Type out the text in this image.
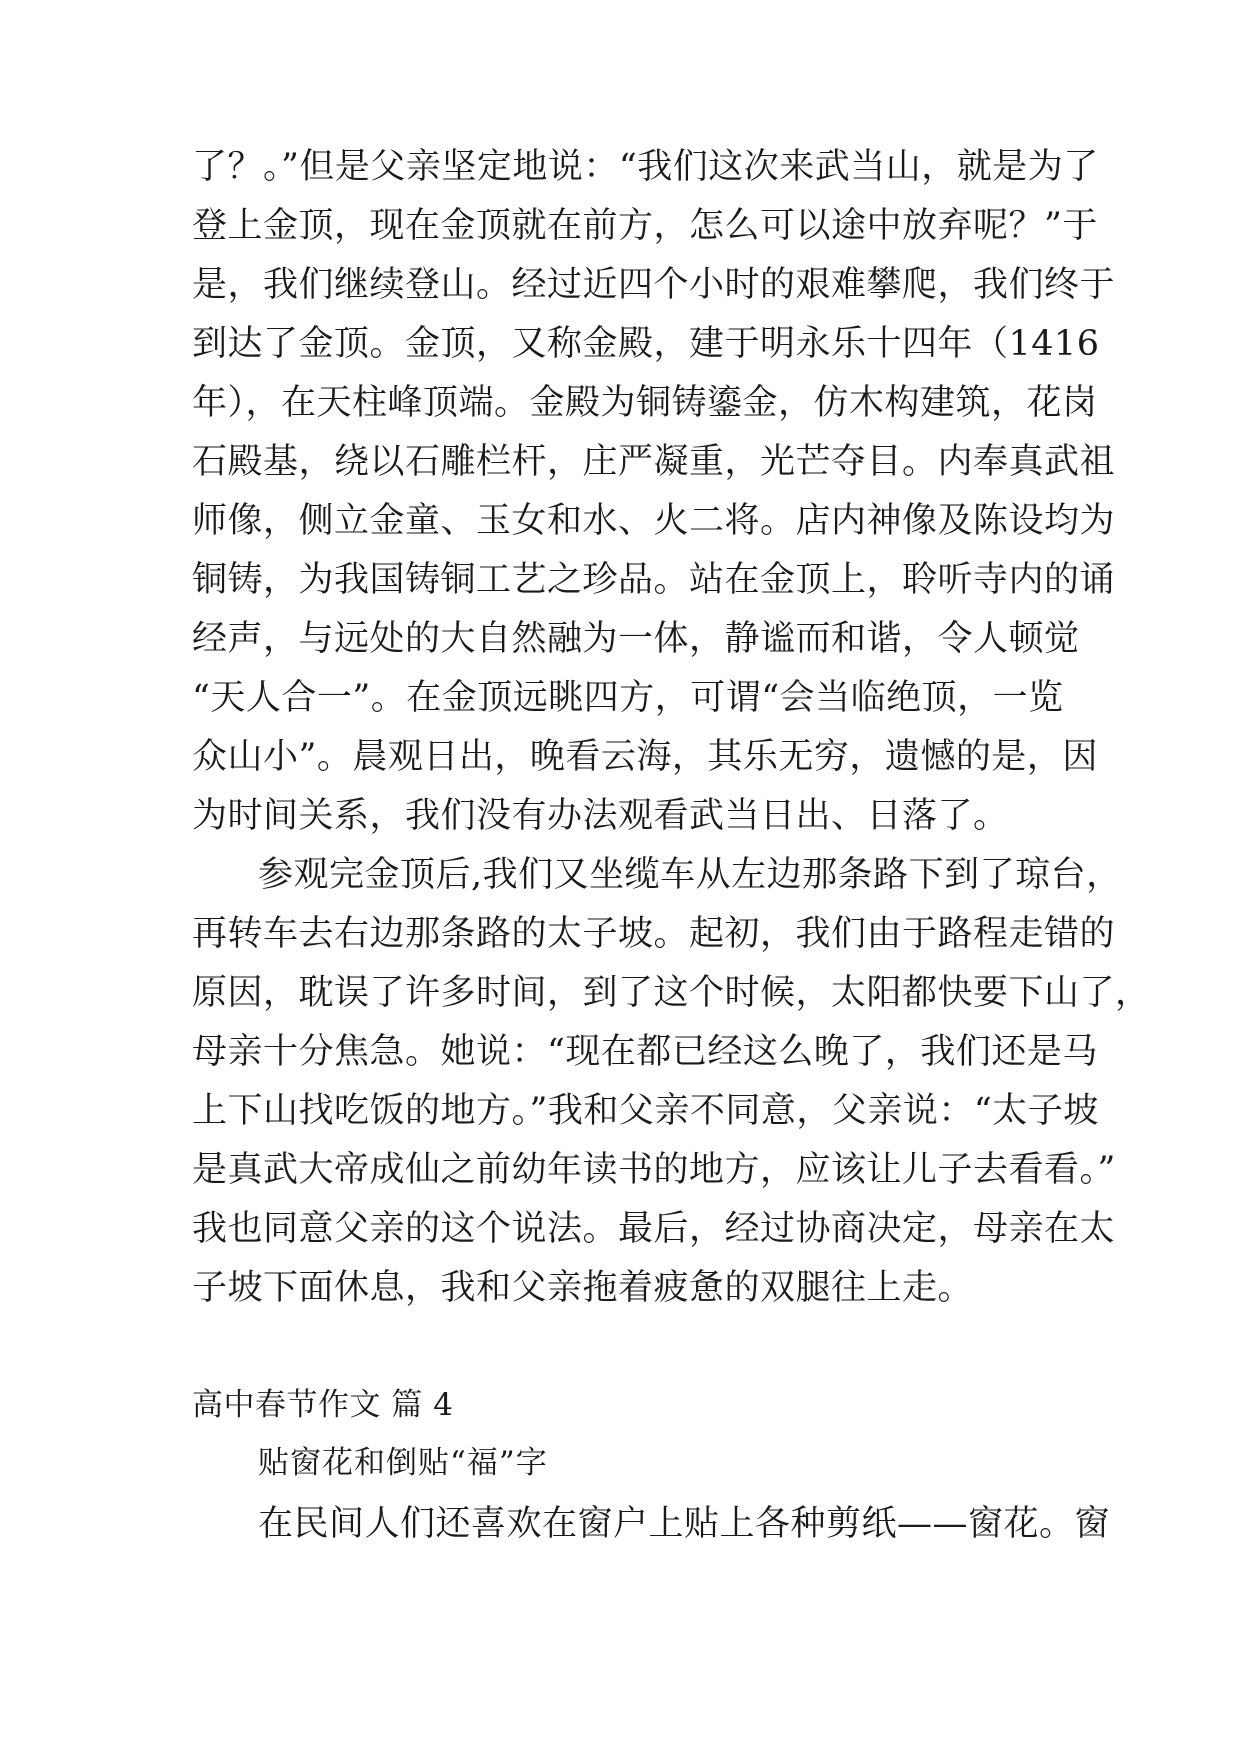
了？。”但是父亲坚定地说：“我们这次来武当山，就是为了
登上金顶，现在金顶就在前方，怎么可以途中放弃呢？”于
是，我们继续登山。经过近四个小时的艰难攀爬，我们终于
到达了金顶。金顶，又称金殿，建于明永乐十四年（1416
年），在天柱峰顶端。金殿为铜铸鎏金，仿木构建筑，花岗
石殿基，绕以石雕栏杆，庄严凝重，光芒夺目。内奉真武祖
师像，侧立金童、玉女和水、火二将。店内神像及陈设均为
铜铸，为我国铸铜工艺之珍品。站在金顶上，聆听寺内的诵
经声，与远处的大自然融为一体，静谧而和谐，令人顿觉
“天人合一”。在金顶远眺四方，可谓“会当临绝顶，一览
众山小”。晨观日出，晚看云海，其乐无穷，遗憾的是，因
为时间关系，我们没有办法观看武当日出、日落了。
参观完金顶后,我们又坐缆车从左边那条路下到了琼台，
再转车去右边那条路的太子坡。起初，我们由于路程走错的
原因，耽误了许多时间，到了这个时候，太阳都快要下山了，
母亲十分焦急。她说：“现在都已经这么晚了，我们还是马
上下山找吃饭的地方。”我和父亲不同意，父亲说：“太子坡
是真武大帝成仙之前幼年读书的地方，应该让儿子去看看。”
我也同意父亲的这个说法。最后，经过协商决定，母亲在太
子坡下面休息，我和父亲拖着疲惫的双腿往上走。
高中春节作文 篇 4
贴窗花和倒贴“福”字
在民间人们还喜欢在窗户上贴上各种剪纸——窗花。窗
